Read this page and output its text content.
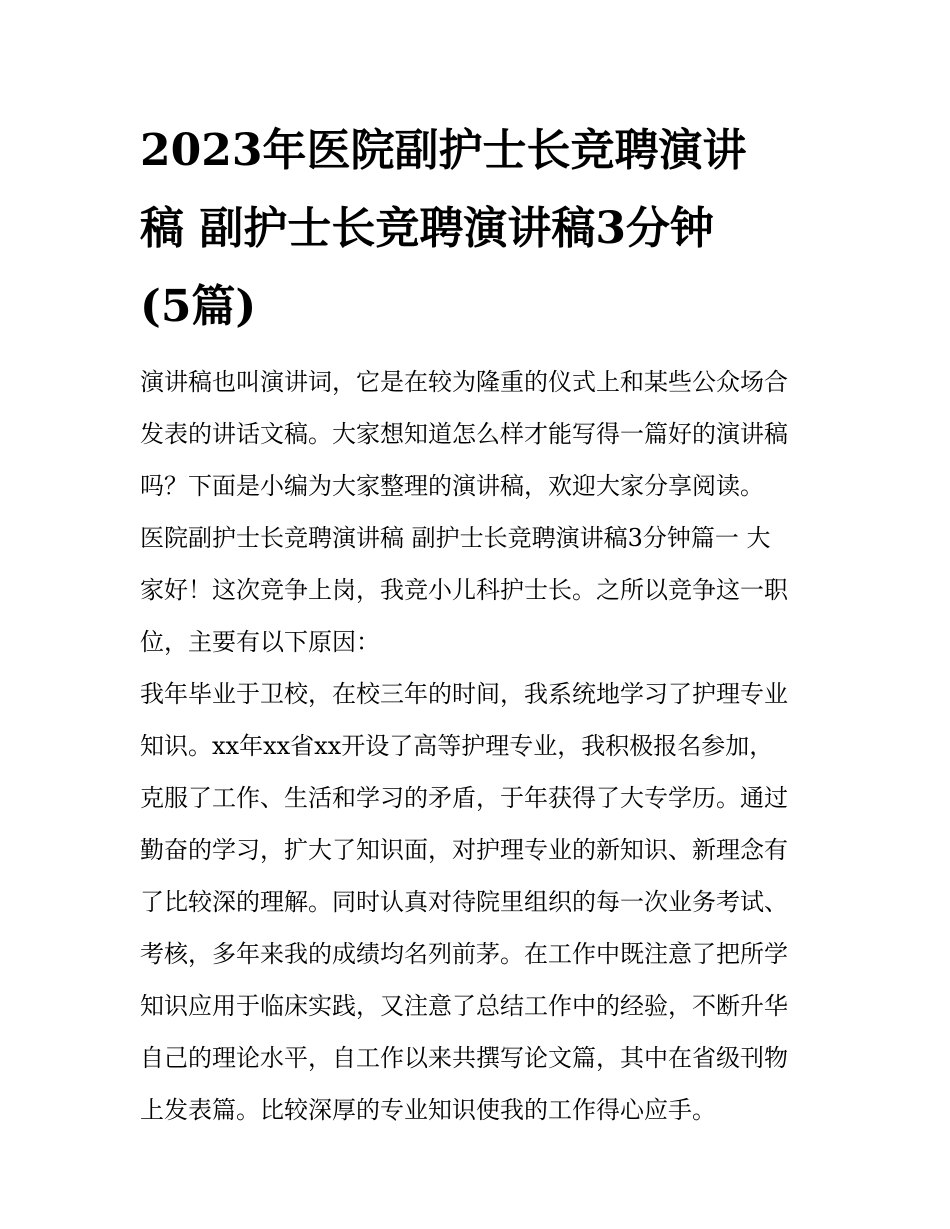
2023年医院副护士长竞聘演讲
稿 副护士长竞聘演讲稿3分钟
(5篇)
演讲稿也叫演讲词，它是在较为隆重的仪式上和某些公众场合
发表的讲话文稿。大家想知道怎么样才能写得一篇好的演讲稿
吗？下面是小编为大家整理的演讲稿，欢迎大家分享阅读。
医院副护士长竞聘演讲稿 副护士长竞聘演讲稿3分钟篇一 大
家好！这次竞争上岗，我竞小儿科护士长。之所以竞争这一职
位，主要有以下原因：
我年毕业于卫校，在校三年的时间，我系统地学习了护理专业
知识。xx年xx省xx开设了高等护理专业，我积极报名参加，
克服了工作、生活和学习的矛盾，于年获得了大专学历。通过
勤奋的学习，扩大了知识面，对护理专业的新知识、新理念有
了比较深的理解。同时认真对待院里组织的每一次业务考试、
考核，多年来我的成绩均名列前茅。在工作中既注意了把所学
知识应用于临床实践，又注意了总结工作中的经验，不断升华
自己的理论水平，自工作以来共撰写论文篇，其中在省级刊物
上发表篇。比较深厚的专业知识使我的工作得心应手。
